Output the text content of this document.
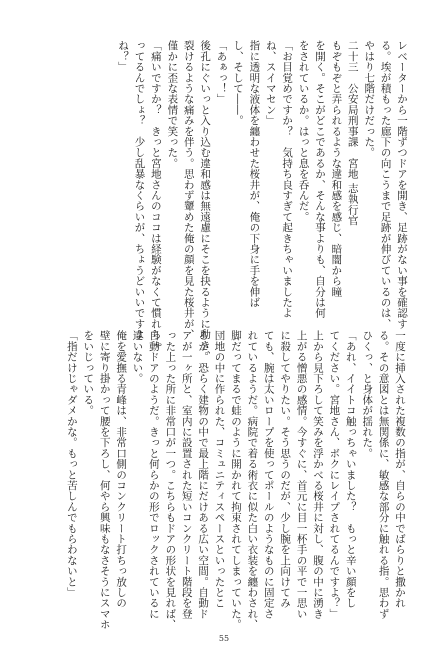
レベーターから一階ずつドアを開き、足跡がない事を確認す
る。埃が積もった廊下の向こうまで足跡が伸びているのは、
やはり七階だけだった。
二十三　公安局刑事課　宮地 志執行官
もぞもぞと弄られるような違和感を感じ、暗闇から瞳
を開く。そこがどこであるか、そんな事よりも、自分は何
をされているか。はっと息を呑んだ。
「お目覚めですか？　気持ち良すぎて起きちゃいましたよ
ね、スイマセン」
指に透明な液体を纏わせた桜井が、俺の下身に手を伸ば
し、そして――。
「あぁっ！」
後孔にぐいっと入り込む違和感は無遠慮にそこを抉るように動き、
裂けるような痛みを伴う。思わず顰めた俺の顔を見た桜井が、
僅かに歪な表情で笑った。
「痛いですか？　きっと宮地さんのココは経験がなくて慣れちゃ
ってるんでしょ？　少し乱暴なくらいが、ちょうどいいですよ
ね？」
一度に挿入された複数の指が、自らの中でばらりと撒かれ
る。その意図とは無関係に、敏感な部分に触れる指。思わず
ひくっ、と身体が揺れた。
「あれ、イイトコ触っちゃいました？　もっと辛い顔をし
てください。宮地さん、ボクにレイプされてるんですよ？」
上から見下ろして笑みを浮かべる桜井に対し、腹の中に湧き
上がる憎悪の感情。今すぐに、首元に目一杯手の平で一思い
に殺してやりたい。そう思うのだが、少し腕を上向けてみ
ても、腕は太いロープを使ってポールのようなものに固定さ
れているようだ。病院で着る術衣に似た白い衣装を纏わされ、
脚だってまるで蛙のように開かれて拘束されてしまっていた。
団地の中に作られた、コミュニティスペースといったとこ
ろか。恐らく建物の中で最上階にだけある広い空間。自動ド
アが一ヶ所と、室内に設置された短いコンクリート階段を登
った上った所に非常口が一つ。こちらもドアの形状を見れば、
自動ドアのようだ。きっと何らかの形でロックされているに
違いない。
俺を愛撫る青峰は、非常口側のコンクリート打ちっ放しの
壁に寄り掛かって腰を下ろし、何やら興味もなさそうにスマホ
をいじっている。
「指だけじゃダメかな。もっと苦しんでもらわないと」
55
